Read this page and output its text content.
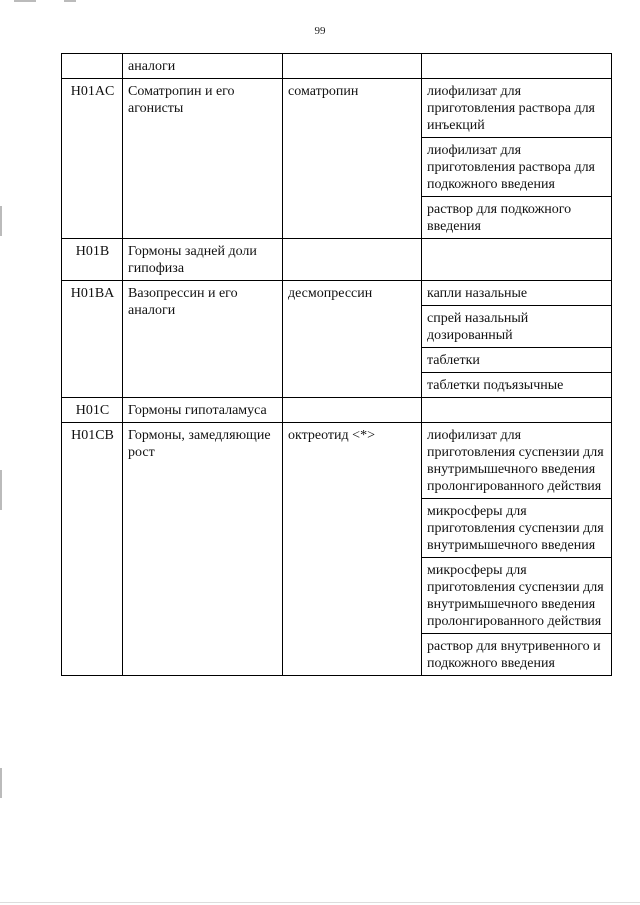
99
	аналоги		
H01AC	Соматропин и его агонисты	соматропин	лиофилизат для приготовления раствора для инъекций
			лиофилизат для приготовления раствора для подкожного введения
			раствор для подкожного введения
H01B	Гормоны задней доли гипофиза		
H01BA	Вазопрессин и его аналоги	десмопрессин	капли назальные
			спрей назальный дозированный
			таблетки
			таблетки подъязычные
H01C	Гормоны гипоталамуса		
H01CB	Гормоны, замедляющие рост	октреотид <*>	лиофилизат для приготовления суспензии для внутримышечного введения пролонгированного действия
			микросферы для приготовления суспензии для внутримышечного введения
			микросферы для приготовления суспензии для внутримышечного введения пролонгированного действия
			раствор для внутривенного и подкожного введения
